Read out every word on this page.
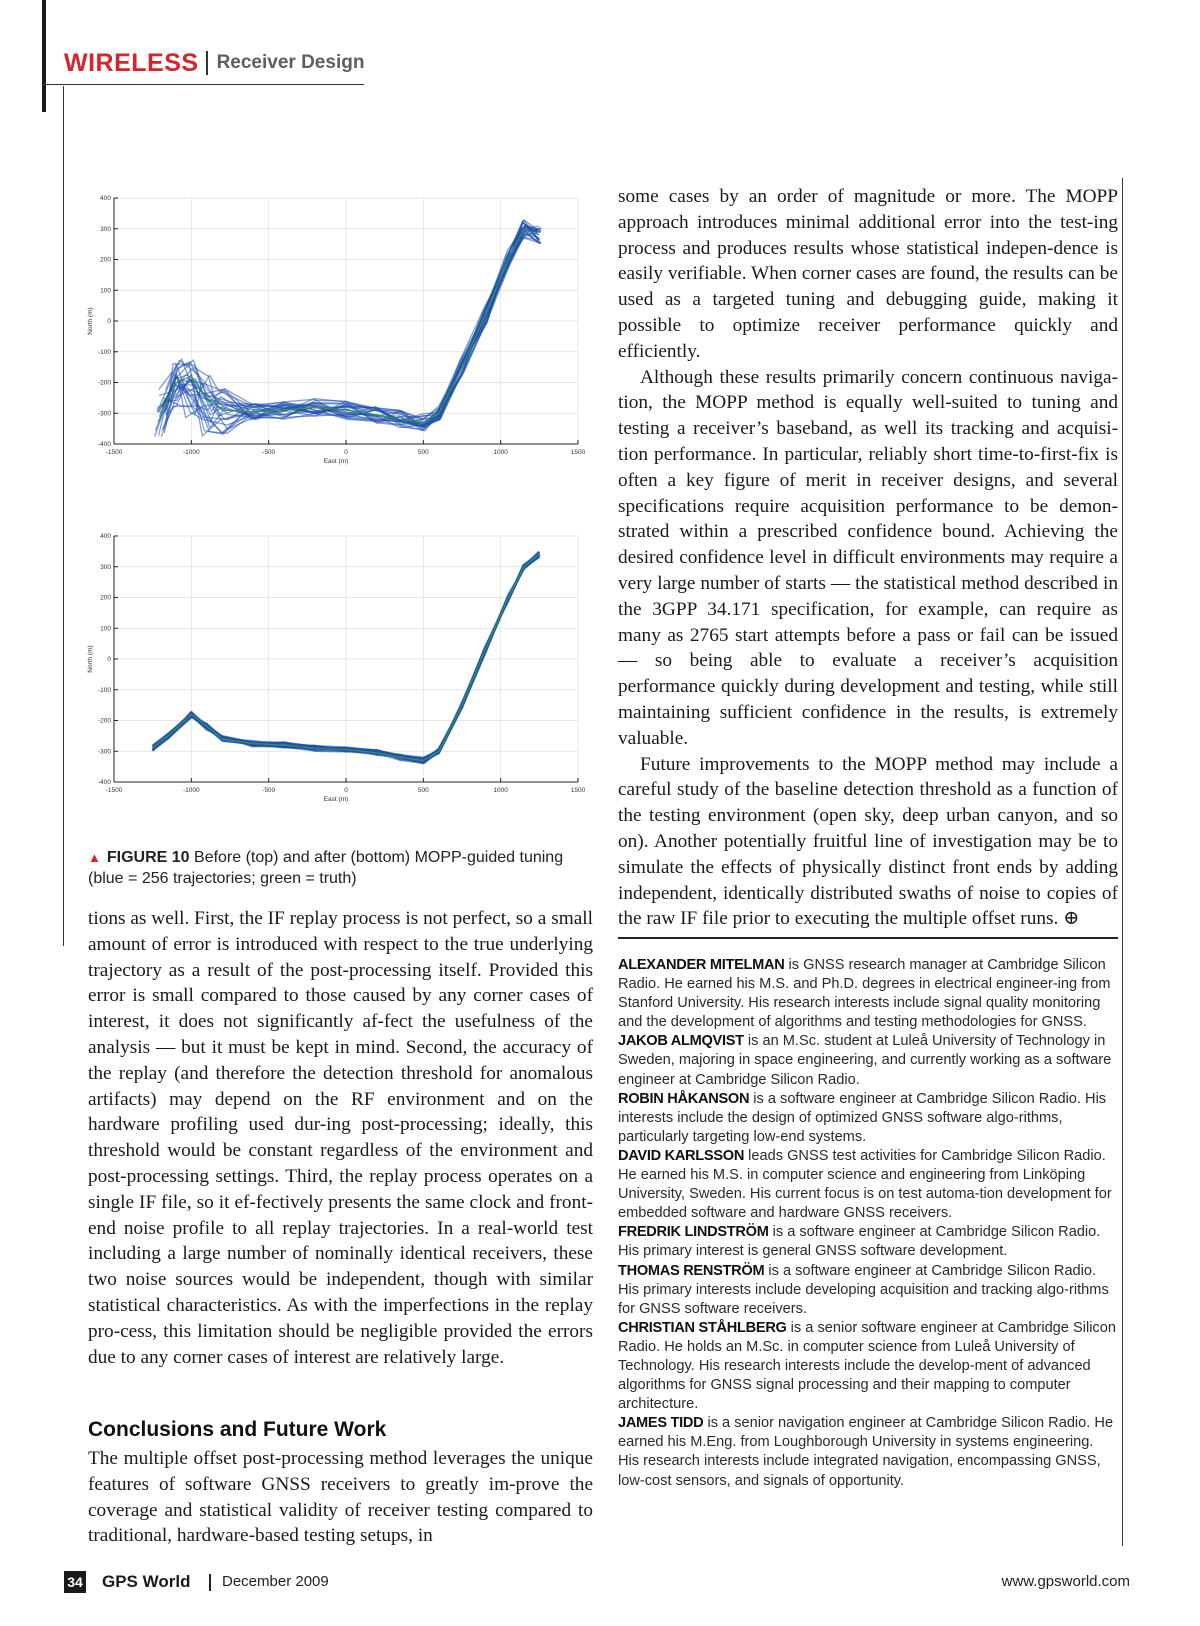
WIRELESS Receiver Design
-1500	-1000	-500	0	500	1000	1500
400
300
200
100
0
-100
-200
-300
-400
East (m)
North (m)
-1500	-1000	-500	0	500	1000	1500
400
300
200
100
0
-100
-200
-300
-400
East (m)
North (m)
▲ FIGURE 10 Before (top) and after (bottom) MOPP-guided tuning (blue = 256 trajectories; green = truth)

tions as well. First, the IF replay process is not perfect, so a small amount of error is introduced with respect to the true underlying trajectory as a result of the post-processing itself. Provided this error is small compared to those caused by any corner cases of interest, it does not significantly af-fect the usefulness of the analysis — but it must be kept in mind. Second, the accuracy of the replay (and therefore the detection threshold for anomalous artifacts) may depend on the RF environment and on the hardware profiling used dur-ing post-processing; ideally, this threshold would be constant regardless of the environment and post-processing settings. Third, the replay process operates on a single IF file, so it ef-fectively presents the same clock and front-end noise profile to all replay trajectories. In a real-world test including a large number of nominally identical receivers, these two noise sources would be independent, though with similar statistical characteristics. As with the imperfections in the replay pro-cess, this limitation should be negligible provided the errors due to any corner cases of interest are relatively large.

Conclusions and Future Work

The multiple offset post-processing method leverages the unique features of software GNSS receivers to greatly im-prove the coverage and statistical validity of receiver testing compared to traditional, hardware-based testing setups, in

some cases by an order of magnitude or more. The MOPP approach introduces minimal additional error into the test-ing process and produces results whose statistical indepen-dence is easily verifiable. When corner cases are found, the results can be used as a targeted tuning and debugging guide, making it possible to optimize receiver performance quickly and efficiently.

Although these results primarily concern continuous naviga-tion, the MOPP method is equally well-suited to tuning and testing a receiver’s baseband, as well its tracking and acquisi-tion performance. In particular, reliably short time-to-first-fix is often a key figure of merit in receiver designs, and several specifications require acquisition performance to be demon-strated within a prescribed confidence bound. Achieving the desired confidence level in difficult environments may require a very large number of starts — the statistical method described in the 3GPP 34.171 specification, for example, can require as many as 2765 start attempts before a pass or fail can be issued — so being able to evaluate a receiver’s acquisition performance quickly during development and testing, while still maintaining sufficient confidence in the results, is extremely valuable.

Future improvements to the MOPP method may include a careful study of the baseline detection threshold as a function of the testing environment (open sky, deep urban canyon, and so on). Another potentially fruitful line of investigation may be to simulate the effects of physically distinct front ends by adding independent, identically distributed swaths of noise to copies of the raw IF file prior to executing the multiple offset runs. ⊕

ALEXANDER MITELMAN is GNSS research manager at Cambridge Silicon Radio. He earned his M.S. and Ph.D. degrees in electrical engineer-ing from Stanford University. His research interests include signal quality monitoring and the development of algorithms and testing methodologies for GNSS.

JAKOB ALMQVIST is an M.Sc. student at Luleå University of Technology in Sweden, majoring in space engineering, and currently working as a software engineer at Cambridge Silicon Radio.

ROBIN HÅKANSON is a software engineer at Cambridge Silicon Radio. His interests include the design of optimized GNSS software algo-rithms, particularly targeting low-end systems.

DAVID KARLSSON leads GNSS test activities for Cambridge Silicon Radio. He earned his M.S. in computer science and engineering from Linköping University, Sweden. His current focus is on test automa-tion development for embedded software and hardware GNSS receivers.

FREDRIK LINDSTRÖM is a software engineer at Cambridge Silicon Radio. His primary interest is general GNSS software development.

THOMAS RENSTRÖM is a software engineer at Cambridge Silicon Radio. His primary interests include developing acquisition and tracking algo-rithms for GNSS software receivers.

CHRISTIAN STÅHLBERG is a senior software engineer at Cambridge Silicon Radio. He holds an M.Sc. in computer science from Luleå University of Technology. His research interests include the develop-ment of advanced algorithms for GNSS signal processing and their mapping to computer architecture.

JAMES TIDD is a senior navigation engineer at Cambridge Silicon Radio. He earned his M.Eng. from Loughborough University in systems engineering. His research interests include integrated navigation, encompassing GNSS, low-cost sensors, and signals of opportunity.

34 GPS World December 2009	www.gpsworld.com
